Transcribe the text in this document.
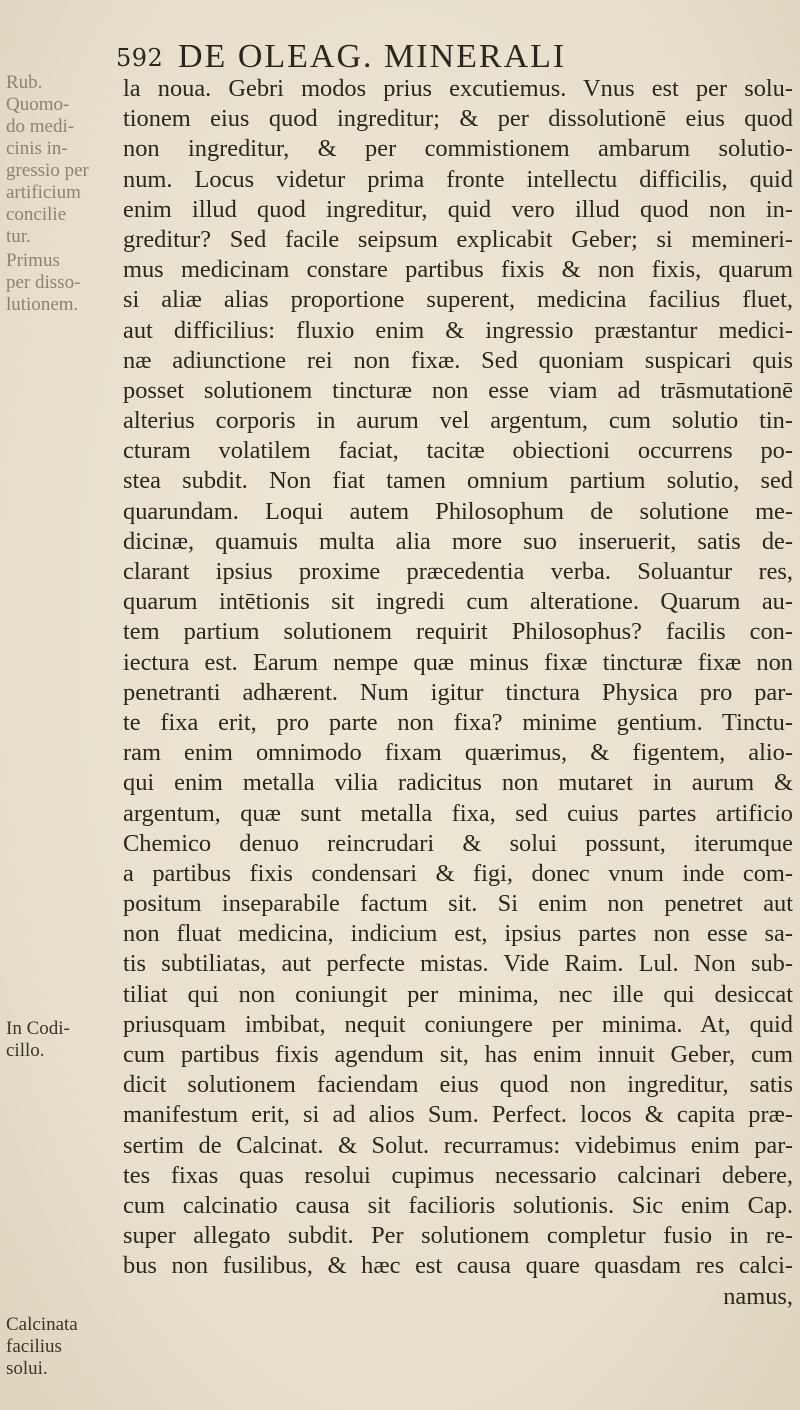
592 DE OLEAG. MINERALI
Rub.
Quomo-
do medi-
cinis in-
gressio per
artificium
concilie
tur.
Primus
per disso-
lutionem.
In Codi-
cillo.
Calcinata
facilius
solui.
la noua. Gebri modos prius excutiemus. Vnus est per solu-
tionem eius quod ingreditur; & per dissolutionē eius quod
non ingreditur, & per commistionem ambarum solutio-
num. Locus videtur prima fronte intellectu difficilis, quid
enim illud quod ingreditur, quid vero illud quod non in-
greditur? Sed facile seipsum explicabit Geber; si memineri-
mus medicinam constare partibus fixis & non fixis, quarum
si aliæ alias proportione superent, medicina facilius fluet,
aut difficilius: fluxio enim & ingressio præstantur medici-
næ adiunctione rei non fixæ. Sed quoniam suspicari quis
posset solutionem tincturæ non esse viam ad trāsmutationē
alterius corporis in aurum vel argentum, cum solutio tin-
cturam volatilem faciat, tacitæ obiectioni occurrens po-
stea subdit. Non fiat tamen omnium partium solutio, sed
quarundam. Loqui autem Philosophum de solutione me-
dicinæ, quamuis multa alia more suo inseruerit, satis de-
clarant ipsius proxime præcedentia verba. Soluantur res,
quarum intētionis sit ingredi cum alteratione. Quarum au-
tem partium solutionem requirit Philosophus? facilis con-
iectura est. Earum nempe quæ minus fixæ tincturæ fixæ non
penetranti adhærent. Num igitur tinctura Physica pro par-
te fixa erit, pro parte non fixa? minime gentium. Tinctu-
ram enim omnimodo fixam quærimus, & figentem, alio-
qui enim metalla vilia radicitus non mutaret in aurum &
argentum, quæ sunt metalla fixa, sed cuius partes artificio
Chemico denuo reincrudari & solui possunt, iterumque
a partibus fixis condensari & figi, donec vnum inde com-
positum inseparabile factum sit. Si enim non penetret aut
non fluat medicina, indicium est, ipsius partes non esse sa-
tis subtiliatas, aut perfecte mistas. Vide Raim. Lul. Non sub-
tiliat qui non coniungit per minima, nec ille qui desiccat
priusquam imbibat, nequit coniungere per minima. At, quid
cum partibus fixis agendum sit, has enim innuit Geber, cum
dicit solutionem faciendam eius quod non ingreditur, satis
manifestum erit, si ad alios Sum. Perfect. locos & capita præ-
sertim de Calcinat. & Solut. recurramus: videbimus enim par-
tes fixas quas resolui cupimus necessario calcinari debere,
cum calcinatio causa sit facilioris solutionis. Sic enim Cap.
super allegato subdit. Per solutionem completur fusio in re-
bus non fusilibus, & hæc est causa quare quasdam res calci-
namus,
